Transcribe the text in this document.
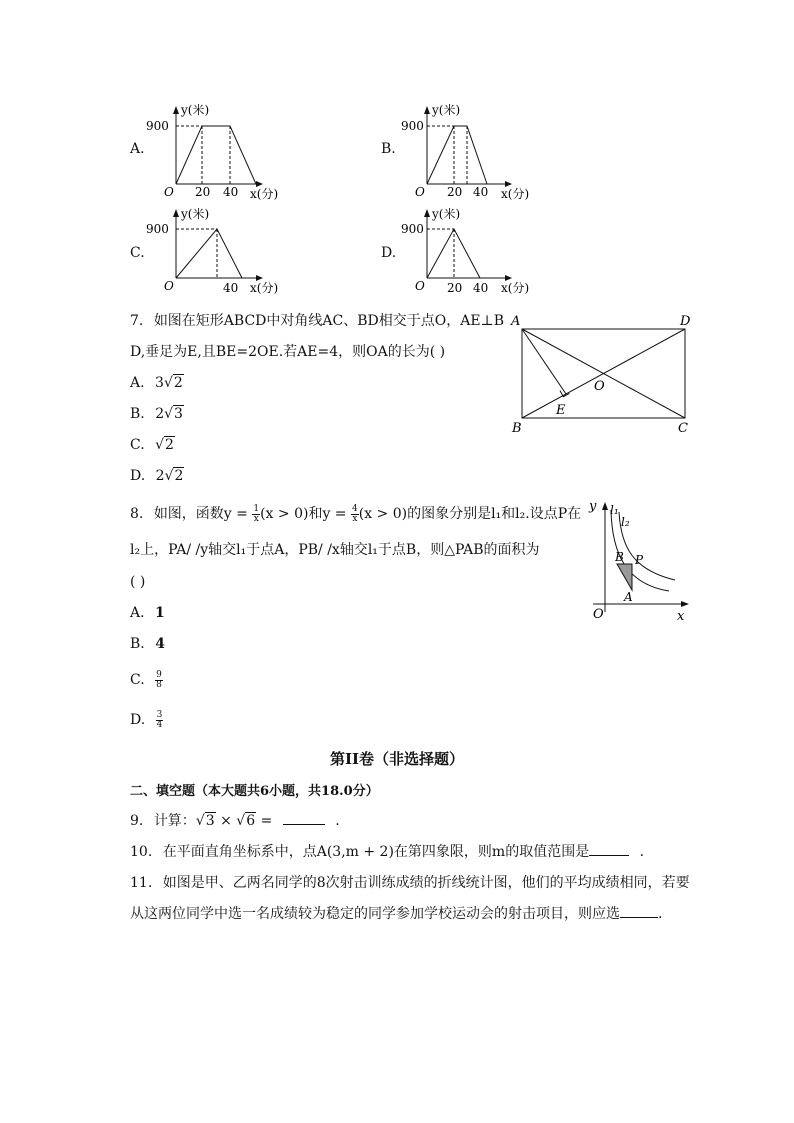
A.
y(米)
900
O 20 40 x(分)
B.
y(米)
900
O 20 40 x(分)
C.
y(米)
900
O	40 x(分)
D.
y(米)
900
O 20 40 x(分)
7. 如图在矩形ABCD中对角线AC、BD相交于点O，AE⊥B
D,垂足为E,且BE=2OE.若AE=4，则OA的长为( )
A. 3√2
B. 2√3
C. √2
D. 2√2
A	D
B	C
O
E
8. 如图，函数$y = \frac{1}{x} (x > 0)$和$y = \frac{4}{x} (x > 0)$的图象分别是l₁和l₂.设点P在
l₂上，PA/ /y轴交l₁于点A，PB/ /x轴交l₁于点B，则△PAB的面积为
( )
A. 1
B. 4
C. $\frac{9}{8}$
D. $\frac{3}{4}$
y
x
O
l₁
l₂
B P
A
第II卷（非选择题）
二、填空题（本大题共6小题，共18.0分）
9. 计算：√3 × √6 =	.
10. 在平面直角坐标系中，点A(3,m + 2)在第四象限，则m的取值范围是	.
11. 如图是甲、乙两名同学的8次射击训练成绩的折线统计图，他们的平均成绩相同，若要
从这两位同学中选一名成绩较为稳定的同学参加学校运动会的射击项目，则应选	.
